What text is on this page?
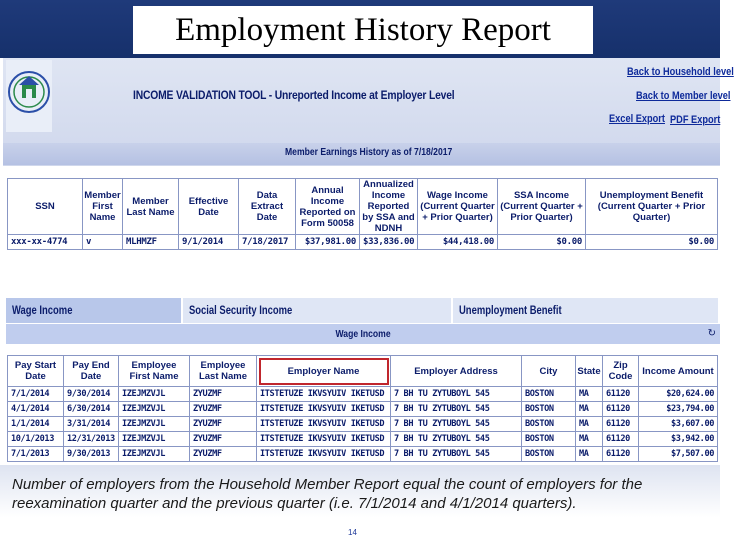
Employment History Report
INCOME VALIDATION TOOL - Unreported Income at Employer Level
Back to Household level
Back to Member level
Excel Export PDF Export
Member Earnings History as of 7/18/2017
SSN	Member First Name	Member Last Name	Effective Date	Data Extract Date	Annual Income Reported on Form 50058	Annualized Income Reported by SSA and NDNH	Wage Income (Current Quarter + Prior Quarter)	SSA Income (Current Quarter + Prior Quarter)	Unemployment Benefit (Current Quarter + Prior Quarter)
xxx-xx-4774	v	MLHMZF	9/1/2014	7/18/2017	$37,981.00	$33,836.00	$44,418.00	$0.00	$0.00
Wage Income	Social Security Income	Unemployment Benefit
Wage Income	↻
Pay Start Date	Pay End Date	Employee First Name	Employee Last Name	Employer Name	Employer Address	City	State	Zip Code	Income Amount
7/1/2014	9/30/2014	IZEJMZVJL	ZYUZMF	ITSTETUZE IKVSYUIV IKETUSD	7 BH TU ZYTUBOYL 545	BOSTON	MA	61120	$20,624.00
4/1/2014	6/30/2014	IZEJMZVJL	ZYUZMF	ITSTETUZE IKVSYUIV IKETUSD	7 BH TU ZYTUBOYL 545	BOSTON	MA	61120	$23,794.00
1/1/2014	3/31/2014	IZEJMZVJL	ZYUZMF	ITSTETUZE IKVSYUIV IKETUSD	7 BH TU ZYTUBOYL 545	BOSTON	MA	61120	$3,607.00
10/1/2013	12/31/2013	IZEJMZVJL	ZYUZMF	ITSTETUZE IKVSYUIV IKETUSD	7 BH TU ZYTUBOYL 545	BOSTON	MA	61120	$3,942.00
7/1/2013	9/30/2013	IZEJMZVJL	ZYUZMF	ITSTETUZE IKVSYUIV IKETUSD	7 BH TU ZYTUBOYL 545	BOSTON	MA	61120	$7,507.00
Number of employers from the Household Member Report equal the count of employers for the reexamination quarter and the previous quarter (i.e. 7/1/2014 and 4/1/2014 quarters).
14
